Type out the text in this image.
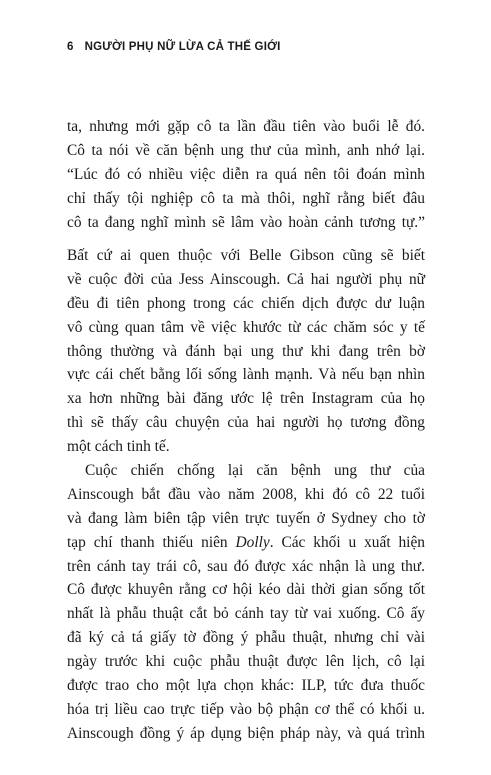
6 NGƯỜI PHỤ NỮ LỪA CẢ THẾ GIỚI
ta, nhưng mới gặp cô ta lần đầu tiên vào buổi lễ đó.
Cô ta nói về căn bệnh ung thư của mình, anh nhớ lại.
“Lúc đó có nhiều việc diễn ra quá nên tôi đoán mình
chỉ thấy tội nghiệp cô ta mà thôi, nghĩ rằng biết đâu
cô ta đang nghĩ mình sẽ lâm vào hoàn cảnh tương tự.”
Bất cứ ai quen thuộc với Belle Gibson cũng sẽ biết
về cuộc đời của Jess Ainscough. Cả hai người phụ nữ
đều đi tiên phong trong các chiến dịch được dư luận
vô cùng quan tâm về việc khước từ các chăm sóc y tế
thông thường và đánh bại ung thư khi đang trên bờ
vực cái chết bằng lối sống lành mạnh. Và nếu bạn nhìn
xa hơn những bài đăng ước lệ trên Instagram của họ
thì sẽ thấy câu chuyện của hai người họ tương đồng
một cách tinh tế.
Cuộc chiến chống lại căn bệnh ung thư của
Ainscough bắt đầu vào năm 2008, khi đó cô 22 tuổi
và đang làm biên tập viên trực tuyến ở Sydney cho tờ
tạp chí thanh thiếu niên Dolly. Các khối u xuất hiện
trên cánh tay trái cô, sau đó được xác nhận là ung thư.
Cô được khuyên rằng cơ hội kéo dài thời gian sống tốt
nhất là phẫu thuật cắt bỏ cánh tay từ vai xuống. Cô ấy
đã ký cả tá giấy tờ đồng ý phẫu thuật, nhưng chỉ vài
ngày trước khi cuộc phẫu thuật được lên lịch, cô lại
được trao cho một lựa chọn khác: ILP, tức đưa thuốc
hóa trị liều cao trực tiếp vào bộ phận cơ thể có khối u.
Ainscough đồng ý áp dụng biện pháp này, và quá trình
